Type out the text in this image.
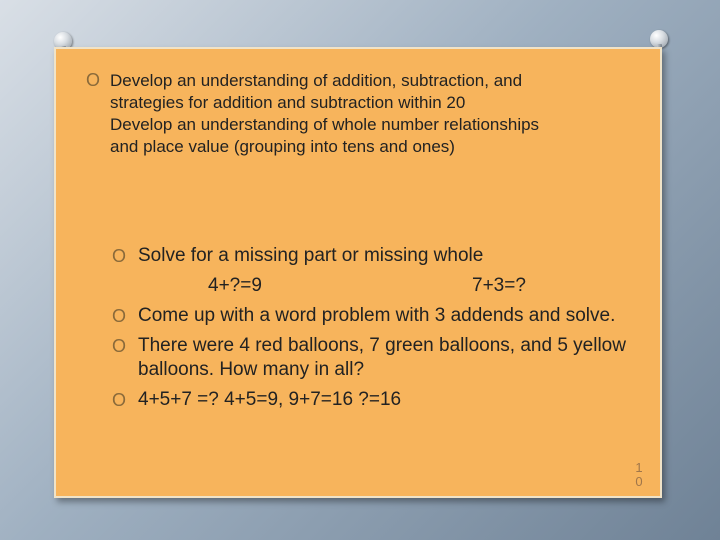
O Develop an understanding of addition, subtraction, and
strategies for addition and subtraction within 20
Develop an understanding of whole number relationships
and place value (grouping into tens and ones)
O Solve for a missing part or missing whole
4+?=9	7+3=?
O Come up with a word problem with 3 addends and solve.
O There were 4 red balloons, 7 green balloons, and 5 yellow balloons. How many in all?
O 4+5+7 =? 4+5=9, 9+7=16 ?=16
1
0
